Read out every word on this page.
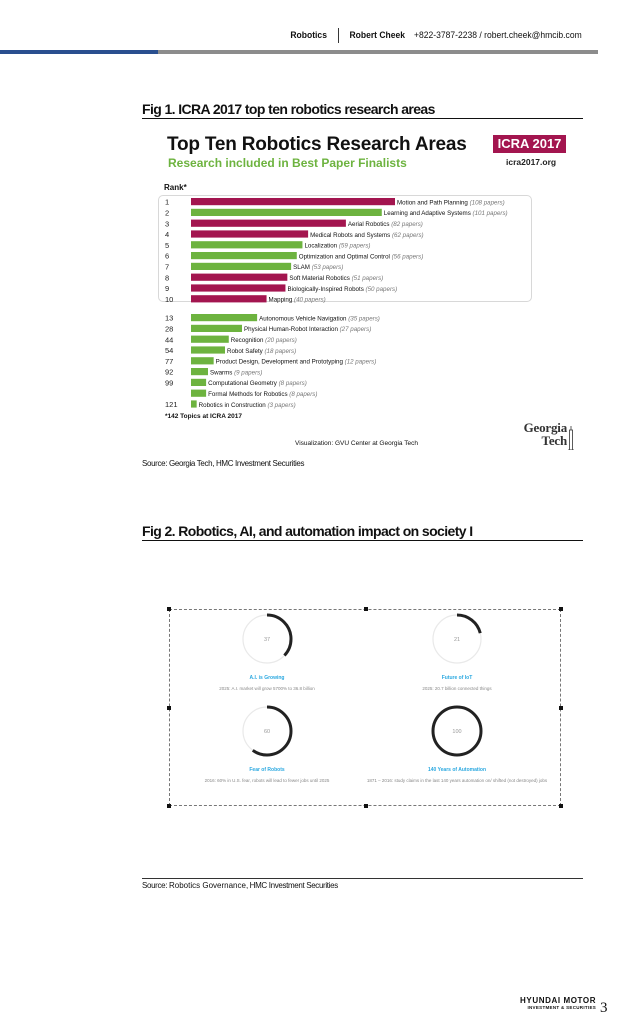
Robotics Robert Cheek +822-3787-2238 / robert.cheek@hmcib.com
Fig 1. ICRA 2017 top ten robotics research areas
Top Ten Robotics Research Areas
Research included in Best Paper Finalists
ICRA 2017
icra2017.org
Rank*
1	Motion and Path Planning (108 papers)
2	Learning and Adaptive Systems (101 papers)
3	Aerial Robotics (82 papers)
4	Medical Robots and Systems (62 papers)
5	Localization (59 papers)
6	Optimization and Optimal Control (56 papers)
7	SLAM (53 papers)
8	Soft Material Robotics (51 papers)
9	Biologically-Inspired Robots (50 papers)
10	Mapping (40 papers)
13	Autonomous Vehicle Navigation (35 papers)
28	Physical Human-Robot Interaction (27 papers)
44	Recognition (20 papers)
54	Robot Safety (18 papers)
77	Product Design, Development and Prototyping (12 papers)
92	Swarms (9 papers)
99	Computational Geometry (8 papers)
Formal Methods for Robotics (8 papers)
121	Robotics in Construction (3 papers)
*142 Topics at ICRA 2017
Visualization: GVU Center at Georgia Tech
Georgia
Tech
Source: Georgia Tech, HMC Investment Securities
Fig 2. Robotics, AI, and automation impact on society I
37
A.I. is Growing
2025: A.I. market will grow 5700% to 36.8 billion
21
Future of IoT
2025: 20.7 billion connected things
60
Fear of Robots
2016: 60% in U.S. fear, robots will lead to fewer jobs until 2025
100
140 Years of Automation
1871 – 2016: study claims in the last 140 years automation on/ shifted (not destroyed) jobs
Source: Robotics Governance, HMC Investment Securities
HYUNDAI MOTOR
INVESTMENT & SECURITIES 3
